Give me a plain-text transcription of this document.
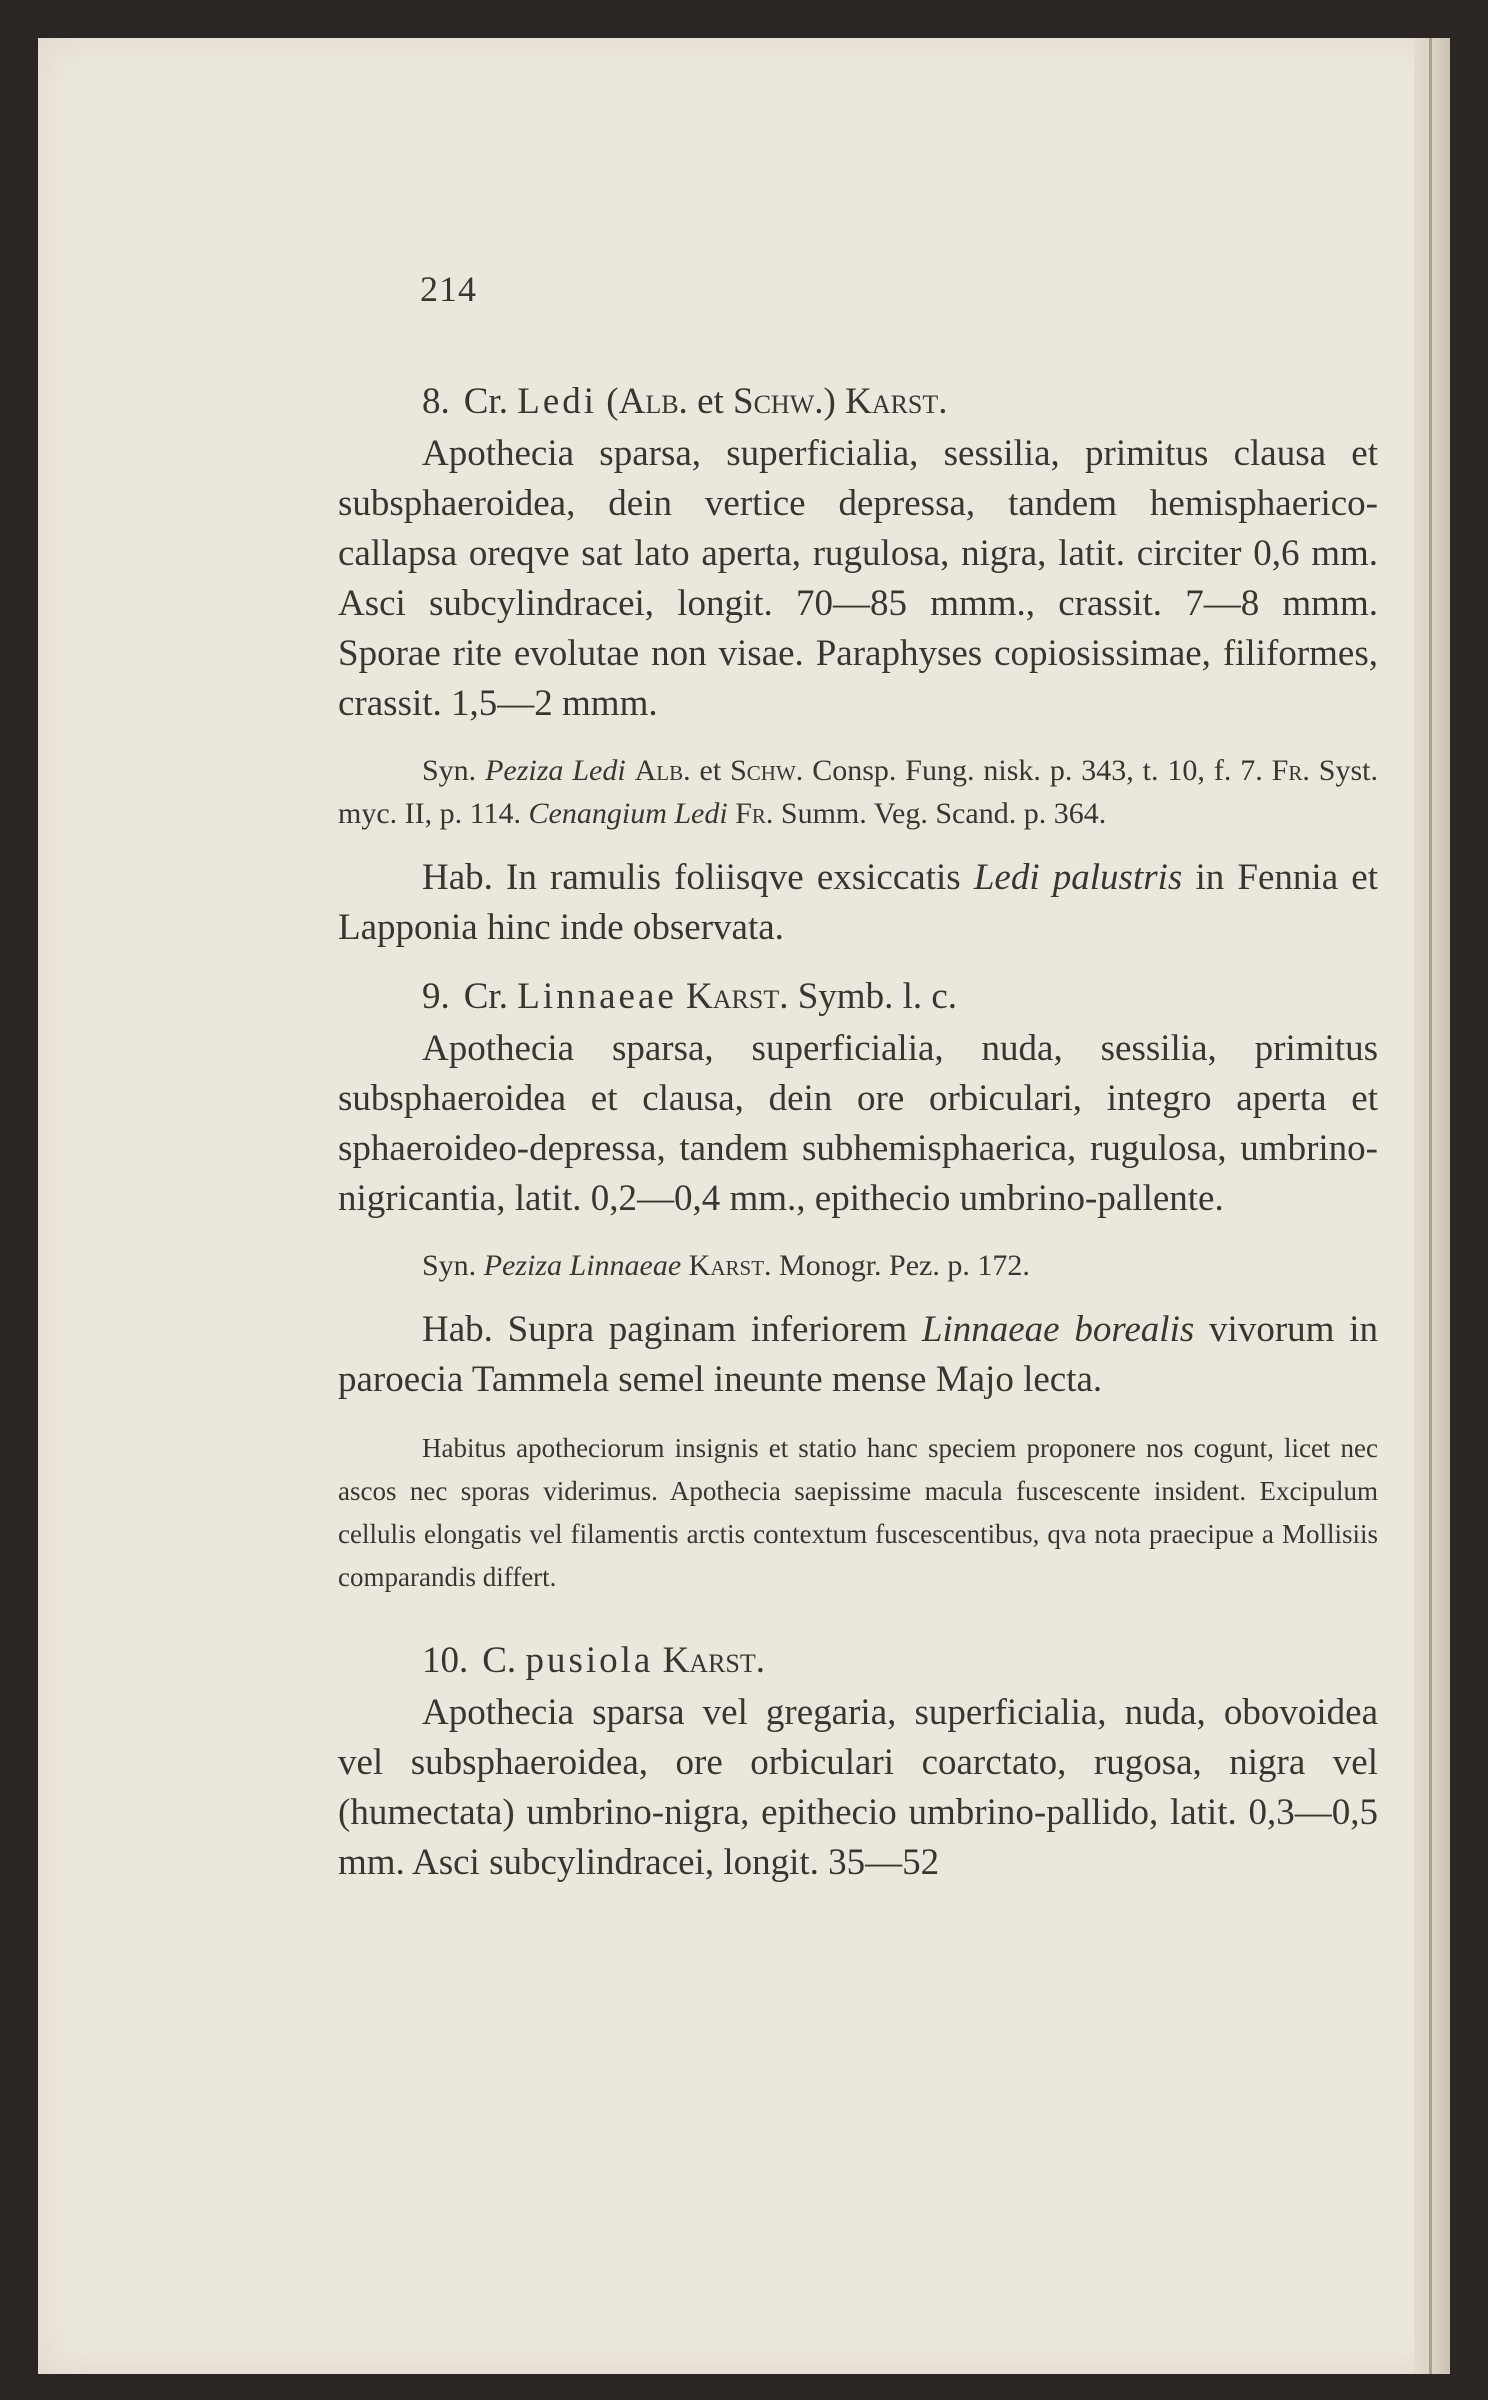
214
8. Cr. Ledi (Alb. et Schw.) Karst.

Apothecia sparsa, superficialia, sessilia, primitus clausa et subsphaeroidea, dein vertice depressa, tandem hemisphaerico-callapsa oreqve sat lato aperta, rugulosa, nigra, latit. circiter 0,6 mm. Asci subcylindracei, longit. 70—85 mmm., crassit. 7—8 mmm. Sporae rite evolutae non visae. Paraphyses copiosissimae, filiformes, crassit. 1,5—2 mmm.

Syn. Peziza Ledi Alb. et Schw. Consp. Fung. nisk. p. 343, t. 10, f. 7. Fr. Syst. myc. II, p. 114. Cenangium Ledi Fr. Summ. Veg. Scand. p. 364.

Hab. In ramulis foliisqve exsiccatis Ledi palustris in Fennia et Lapponia hinc inde observata.

9. Cr. Linnaeae Karst. Symb. l. c.

Apothecia sparsa, superficialia, nuda, sessilia, primitus subsphaeroidea et clausa, dein ore orbiculari, integro aperta et sphaeroideo-depressa, tandem subhemisphaerica, rugulosa, umbrino-nigricantia, latit. 0,2—0,4 mm., epithecio umbrino-pallente.

Syn. Peziza Linnaeae Karst. Monogr. Pez. p. 172.

Hab. Supra paginam inferiorem Linnaeae borealis vivorum in paroecia Tammela semel ineunte mense Majo lecta.

Habitus apotheciorum insignis et statio hanc speciem proponere nos cogunt, licet nec ascos nec sporas viderimus. Apothecia saepissime macula fuscescente insident. Excipulum cellulis elongatis vel filamentis arctis contextum fuscescentibus, qva nota praecipue a Mollisiis comparandis differt.

10. C. pusiola Karst.

Apothecia sparsa vel gregaria, superficialia, nuda, obovoidea vel subsphaeroidea, ore orbiculari coarctato, rugosa, nigra vel (humectata) umbrino-nigra, epithecio umbrino-pallido, latit. 0,3—0,5 mm. Asci subcylindracei, longit. 35—52
